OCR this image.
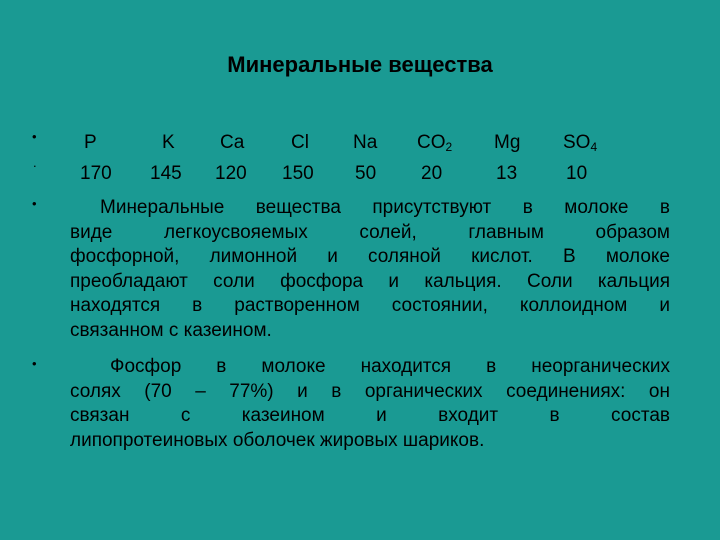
Минеральные вещества
•
.
•
•
P	K Ca Cl Na $CO_2$ Mg $SO_4$
170 145 120 150 50 20	13	10
Минеральные вещества присутствуют в молоке в
виде легкоусвояемых солей, главным образом
фосфорной, лимонной и соляной кислот. В молоке
преобладают соли фосфора и кальция. Соли кальция
находятся в растворенном состоянии, коллоидном и
связанном с казеином.
Фосфор в молоке находится в неорганических
солях (70 – 77%) и в органических соединениях: он
связан с казеином и входит в состав
липопротеиновых оболочек жировых шариков.
